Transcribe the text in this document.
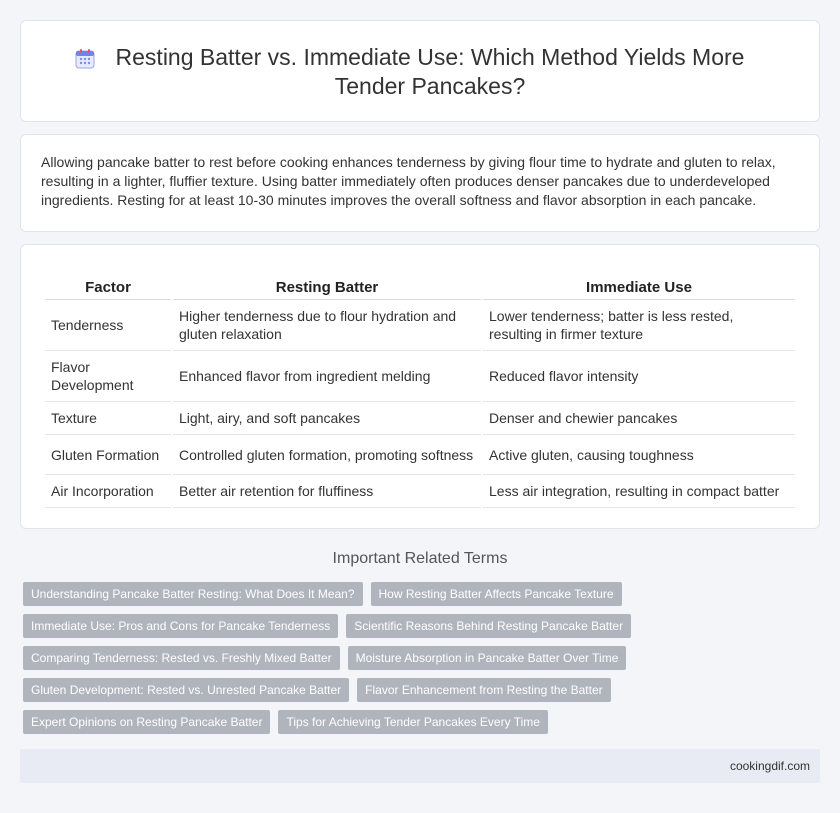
Resting Batter vs. Immediate Use: Which Method Yields More Tender Pancakes?

Allowing pancake batter to rest before cooking enhances tenderness by giving flour time to hydrate and gluten to relax, resulting in a lighter, fluffier texture. Using batter immediately often produces denser pancakes due to underdeveloped ingredients. Resting for at least 10-30 minutes improves the overall softness and flavor absorption in each pancake.

Factor	Resting Batter	Immediate Use
Tenderness	Higher tenderness due to flour hydration and gluten relaxation	Lower tenderness; batter is less rested, resulting in firmer texture
Flavor Development	Enhanced flavor from ingredient melding	Reduced flavor intensity
Texture	Light, airy, and soft pancakes	Denser and chewier pancakes
Gluten Formation	Controlled gluten formation, promoting softness	Active gluten, causing toughness
Air Incorporation	Better air retention for fluffiness	Less air integration, resulting in compact batter
Important Related Terms
Understanding Pancake Batter Resting: What Does It Mean?	How Resting Batter Affects Pancake Texture
Immediate Use: Pros and Cons for Pancake Tenderness	Scientific Reasons Behind Resting Pancake Batter
Comparing Tenderness: Rested vs. Freshly Mixed Batter	Moisture Absorption in Pancake Batter Over Time
Gluten Development: Rested vs. Unrested Pancake Batter	Flavor Enhancement from Resting the Batter
Expert Opinions on Resting Pancake Batter	Tips for Achieving Tender Pancakes Every Time
cookingdif.com
